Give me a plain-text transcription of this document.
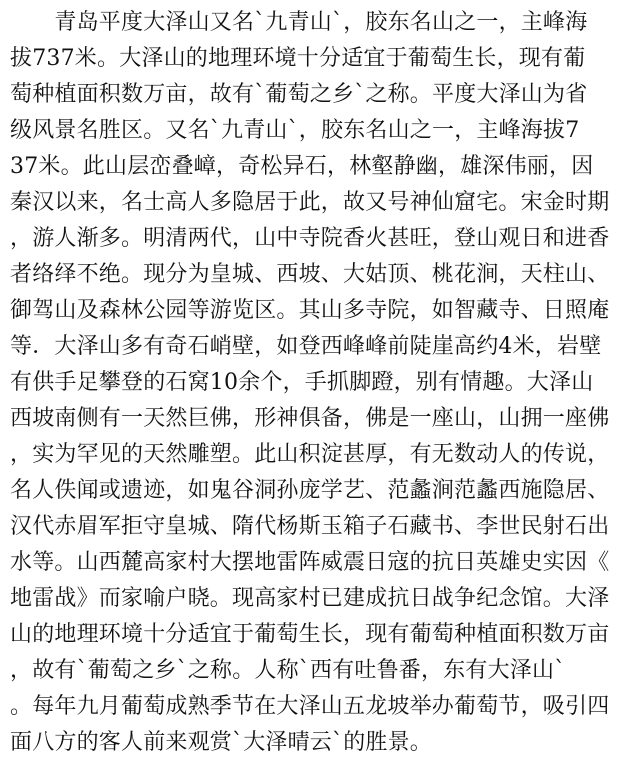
　　青岛平度大泽山又名`九青山`，胶东名山之一，主峰海
拔737米。大泽山的地理环境十分适宜于葡萄生长，现有葡
萄种植面积数万亩，故有`葡萄之乡`之称。平度大泽山为省
级风景名胜区。又名`九青山`，胶东名山之一，主峰海拔7
37米。此山层峦叠嶂，奇松异石，林壑静幽，雄深伟丽，因
秦汉以来，名士高人多隐居于此，故又号神仙窟宅。宋金时期
，游人渐多。明清两代，山中寺院香火甚旺，登山观日和进香
者络绎不绝。现分为皇城、西坡、大姑顶、桃花涧，天柱山、
御驾山及森林公园等游览区。其山多寺院，如智藏寺、日照庵
等．大泽山多有奇石峭壁，如登西峰峰前陡崖高约4米，岩壁
有供手足攀登的石窝10余个，手抓脚蹬，别有情趣。大泽山
西坡南侧有一天然巨佛，形神俱备，佛是一座山，山拥一座佛
，实为罕见的天然雕塑。此山积淀甚厚，有无数动人的传说，
名人佚闻或遗迹，如鬼谷洞孙庞学艺、范蠡涧范蠡西施隐居、
汉代赤眉军拒守皇城、隋代杨斯玉箱子石藏书、李世民射石出
水等。山西麓高家村大摆地雷阵威震日寇的抗日英雄史实因《
地雷战》而家喻户晓。现高家村已建成抗日战争纪念馆。大泽
山的地理环境十分适宜于葡萄生长，现有葡萄种植面积数万亩
，故有`葡萄之乡`之称。人称`西有吐鲁番，东有大泽山`
。每年九月葡萄成熟季节在大泽山五龙坡举办葡萄节，吸引四
面八方的客人前来观赏`大泽晴云`的胜景。
